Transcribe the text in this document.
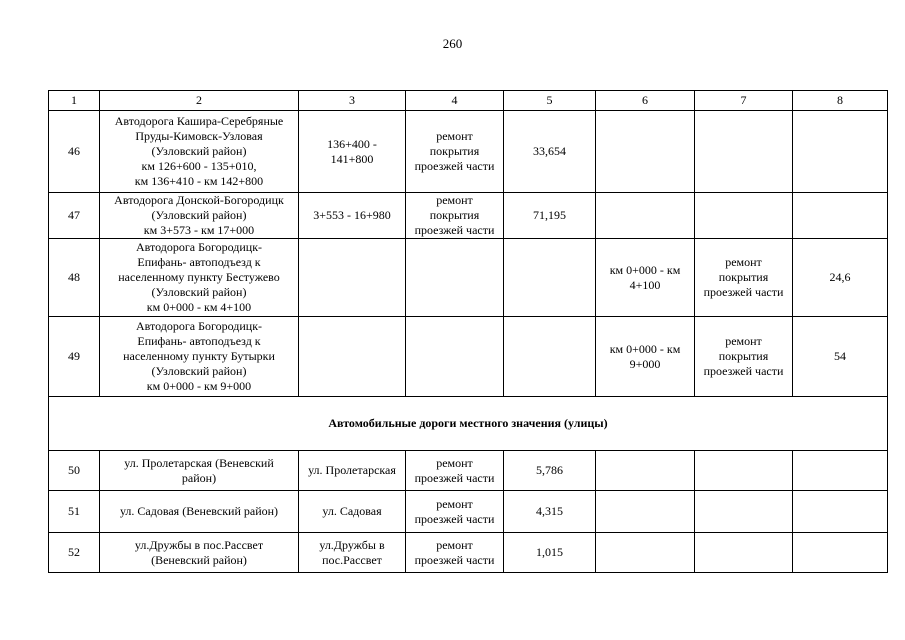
260
1	2	3	4	5	6	7	8
46	Автодорога Кашира-Серебряные
Пруды-Кимовск-Узловая
(Узловский район)
км 126+600 - 135+010,
км 136+410 - км 142+800	136+400 -
141+800	ремонт
покрытия
проезжей части	33,654			
47	Автодорога Донской-Богородицк
(Узловский район)
км 3+573 - км 17+000	3+553 - 16+980	ремонт
покрытия
проезжей части	71,195			
48	Автодорога Богородицк-
Епифань- автоподъезд к
населенному пункту Бестужево
(Узловский район)
км 0+000 - км 4+100				км 0+000 - км
4+100	ремонт
покрытия
проезжей части	24,6
49	Автодорога Богородицк-
Епифань- автоподъезд к
населенному пункту Бутырки
(Узловский район)
км 0+000 - км 9+000				км 0+000 - км
9+000	ремонт
покрытия
проезжей части	54
Автомобильные дороги местного значения (улицы)							
50	ул. Пролетарская (Веневский
район)	ул. Пролетарская	ремонт
проезжей части	5,786			
51	ул. Садовая (Веневский район)	ул. Садовая	ремонт
проезжей части	4,315			
52	ул.Дружбы в пос.Рассвет
(Веневский район)	ул.Дружбы в
пос.Рассвет	ремонт
проезжей части	1,015			
